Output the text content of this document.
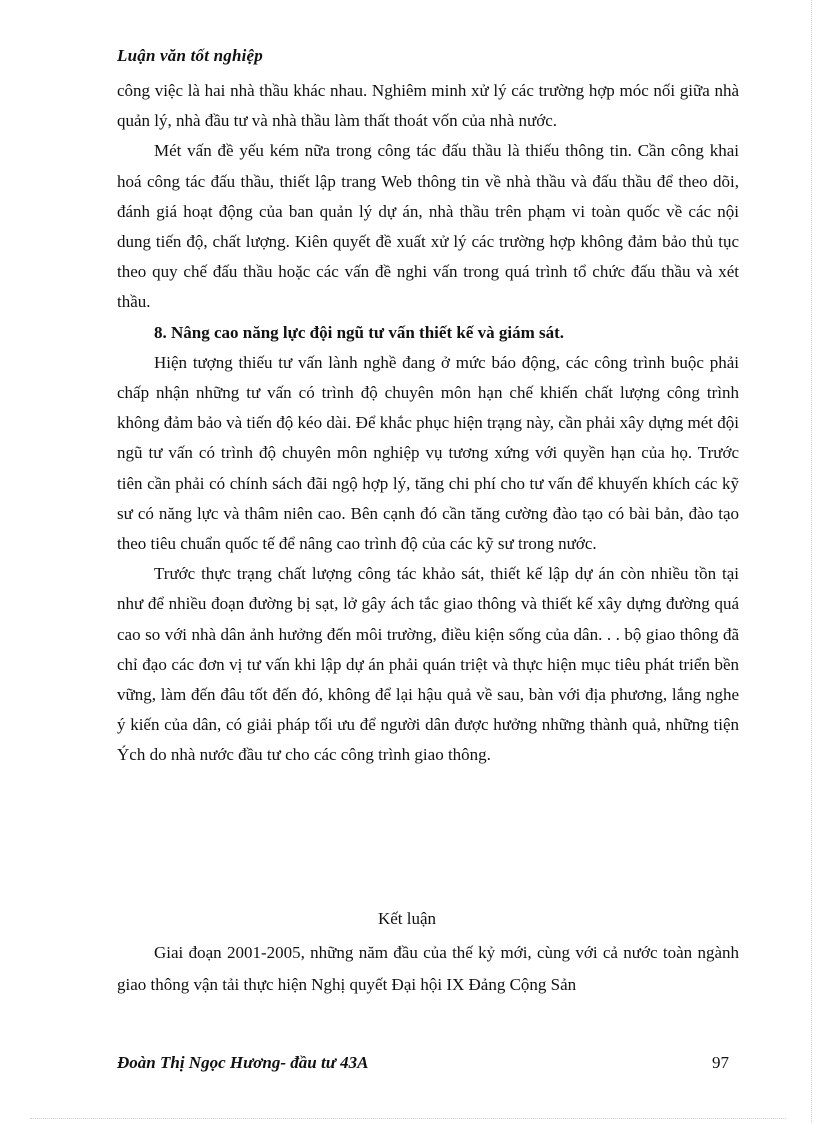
Luận văn tốt nghiệp

công việc là hai nhà thầu khác nhau. Nghiêm minh xử lý các trường hợp móc nối giữa nhà quản lý, nhà đầu tư và nhà thầu làm thất thoát vốn của nhà nước.

Mét vấn đề yếu kém nữa trong công tác đấu thầu là thiếu thông tin. Cần công khai hoá công tác đấu thầu, thiết lập trang Web thông tin về nhà thầu và đấu thầu để theo dõi, đánh giá hoạt động của ban quản lý dự án, nhà thầu trên phạm vi toàn quốc về các nội dung tiến độ, chất lượng. Kiên quyết đề xuất xử lý các trường hợp không đảm bảo thủ tục theo quy chế đấu thầu hoặc các vấn đề nghi vấn trong quá trình tổ chức đấu thầu và xét thầu.

8. Nâng cao năng lực đội ngũ tư vấn thiết kế và giám sát.

Hiện tượng thiếu tư vấn lành nghề đang ở mức báo động, các công trình buộc phải chấp nhận những tư vấn có trình độ chuyên môn hạn chế khiến chất lượng công trình không đảm bảo và tiến độ kéo dài. Để khắc phục hiện trạng này, cần phải xây dựng mét đội ngũ tư vấn có trình độ chuyên môn nghiệp vụ tương xứng với quyền hạn của họ. Trước tiên cần phải có chính sách đãi ngộ hợp lý, tăng chi phí cho tư vấn để khuyến khích các kỹ sư có năng lực và thâm niên cao. Bên cạnh đó cần tăng cường đào tạo có bài bản, đào tạo theo tiêu chuẩn quốc tế để nâng cao trình độ của các kỹ sư trong nước.

Trước thực trạng chất lượng công tác khảo sát, thiết kế lập dự án còn nhiều tồn tại như để nhiều đoạn đường bị sạt, lở gây ách tắc giao thông và thiết kế xây dựng đường quá cao so với nhà dân ảnh hưởng đến môi trường, điều kiện sống của dân. . . bộ giao thông đã chỉ đạo các đơn vị tư vấn khi lập dự án phải quán triệt và thực hiện mục tiêu phát triển bền vững, làm đến đâu tốt đến đó, không để lại hậu quả về sau, bàn với địa phương, lắng nghe ý kiến của dân, có giải pháp tối ưu để người dân được hưởng những thành quả, những tiện Ých do nhà nước đầu tư cho các công trình giao thông.

Kết luận

Giai đoạn 2001-2005, những năm đầu của thế kỷ mới, cùng với cả nước toàn ngành giao thông vận tải thực hiện Nghị quyết Đại hội IX Đảng Cộng Sản

Đoàn Thị Ngọc Hương- đầu tư 43A	97
